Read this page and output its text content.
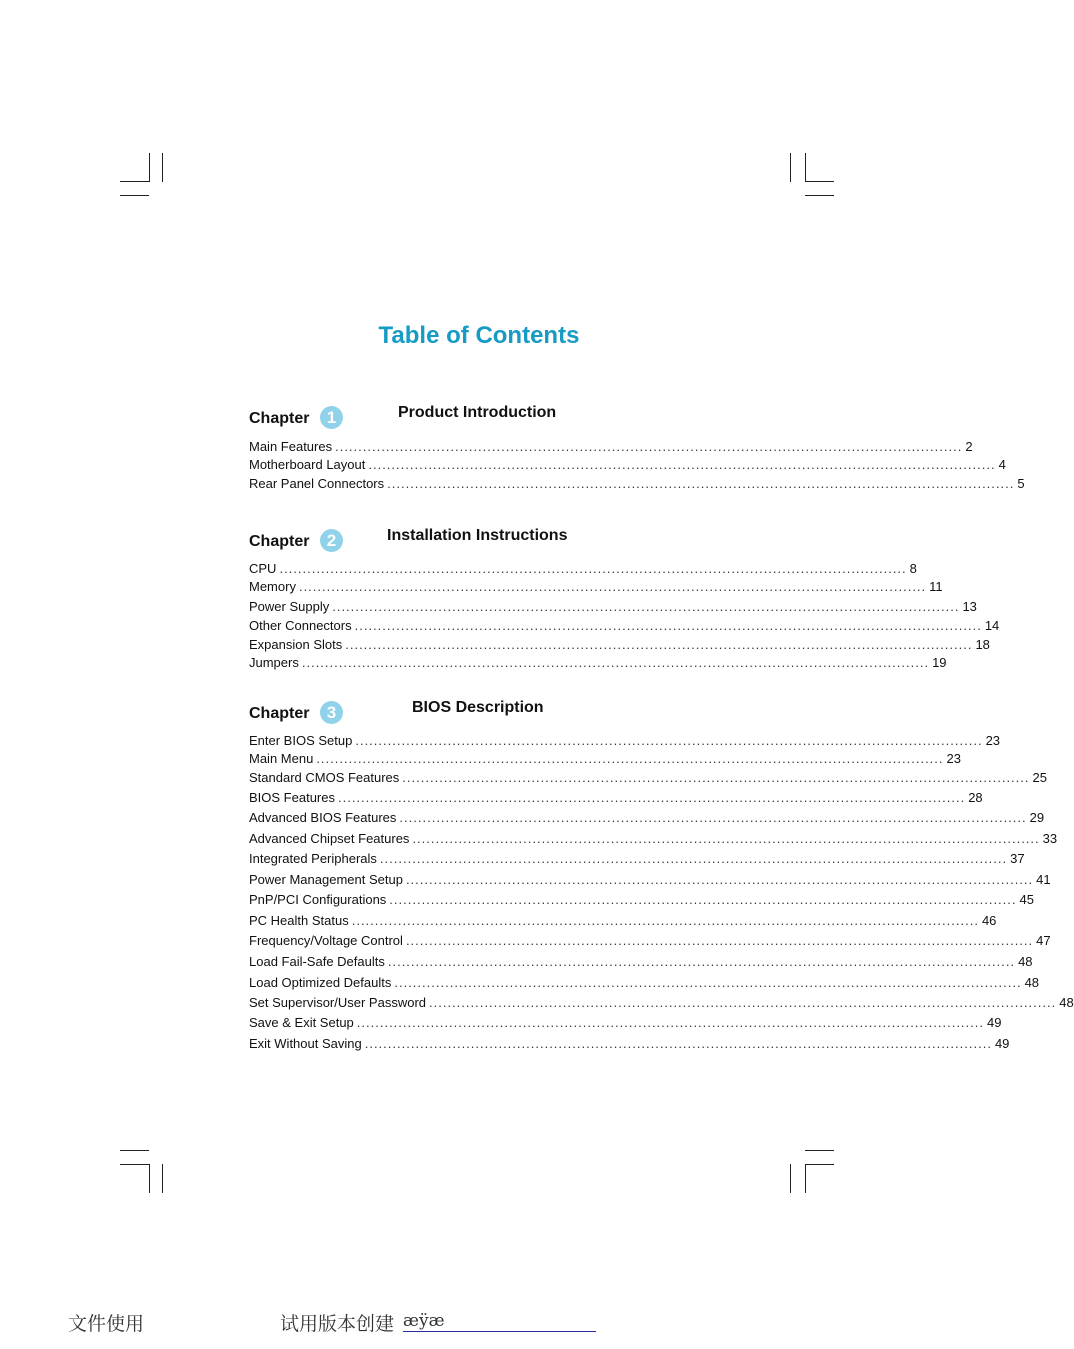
Table of Contents
Chapter	1	Product Introduction
Main Features ........................................................................................................................................ 2
Motherboard Layout ........................................................................................................................................ 4
Rear Panel Connectors ........................................................................................................................................ 5
Chapter	2	Installation Instructions
CPU ........................................................................................................................................ 8
Memory ........................................................................................................................................ 11
Power Supply ........................................................................................................................................ 13
Other Connectors ........................................................................................................................................ 14
Expansion Slots ........................................................................................................................................ 18
Jumpers ........................................................................................................................................ 19
Chapter	3	BIOS Description
Enter BIOS Setup ........................................................................................................................................ 23
Main Menu ........................................................................................................................................ 23
Standard CMOS Features ........................................................................................................................................ 25
BIOS Features ........................................................................................................................................ 28
Advanced BIOS Features ........................................................................................................................................ 29
Advanced Chipset Features ........................................................................................................................................ 33
Integrated Peripherals ........................................................................................................................................ 37
Power Management Setup ........................................................................................................................................ 41
PnP/PCI Configurations ........................................................................................................................................ 45
PC Health Status ........................................................................................................................................ 46
Frequency/Voltage Control ........................................................................................................................................ 47
Load Fail-Safe Defaults ........................................................................................................................................ 48
Load Optimized Defaults ........................................................................................................................................ 48
Set Supervisor/User Password ........................................................................................................................................ 48
Save & Exit Setup ........................................................................................................................................ 49
Exit Without Saving ........................................................................................................................................ 49
文件使用	试用版本创建 æÿæ
